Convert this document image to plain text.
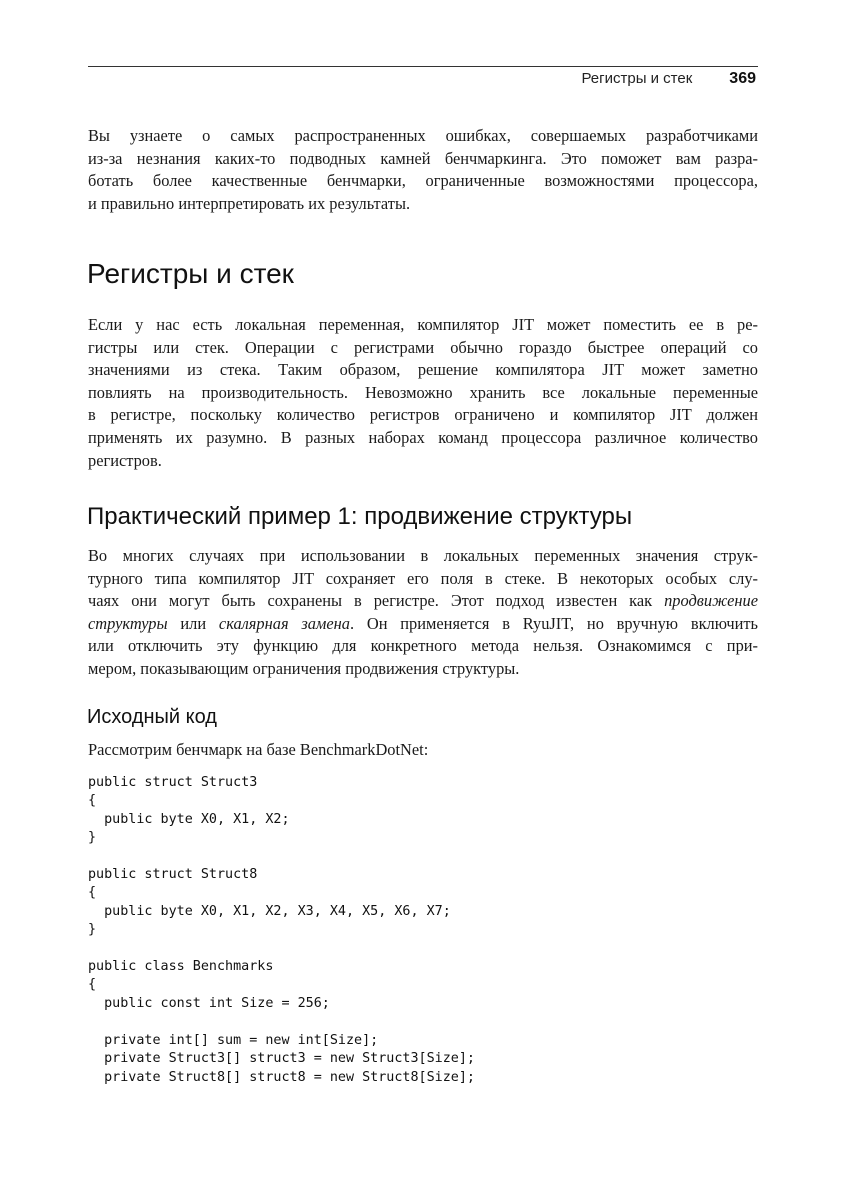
Регистры и стек 369

Вы узнаете о самых распространенных ошибках, совершаемых разработчиками
из-за незнания каких-то подводных камней бенчмаркинга. Это поможет вам разра-
ботать более качественные бенчмарки, ограниченные возможностями процессора,
и правильно интерпретировать их результаты.

Регистры и стек

Если у нас есть локальная переменная, компилятор JIT может поместить ее в ре-
гистры или стек. Операции с регистрами обычно гораздо быстрее операций со
значениями из стека. Таким образом, решение компилятора JIT может заметно
повлиять на производительность. Невозможно хранить все локальные переменные
в регистре, поскольку количество регистров ограничено и компилятор JIT должен
применять их разумно. В разных наборах команд процессора различное количество
регистров.

Практический пример 1: продвижение структуры

Во многих случаях при использовании в локальных переменных значения струк-
турного типа компилятор JIT сохраняет его поля в стеке. В некоторых особых слу-
чаях они могут быть сохранены в регистре. Этот подход известен как продвижение
структуры или скалярная замена. Он применяется в RyuJIT, но вручную включить
или отключить эту функцию для конкретного метода нельзя. Ознакомимся с при-
мером, показывающим ограничения продвижения структуры.

Исходный код

Рассмотрим бенчмарк на базе BenchmarkDotNet:

public struct Struct3
{
public byte X0, X1, X2;
}

public struct Struct8
{
public byte X0, X1, X2, X3, X4, X5, X6, X7;
}

public class Benchmarks
{
public const int Size = 256;

private int[] sum = new int[Size];
private Struct3[] struct3 = new Struct3[Size];
private Struct8[] struct8 = new Struct8[Size];
